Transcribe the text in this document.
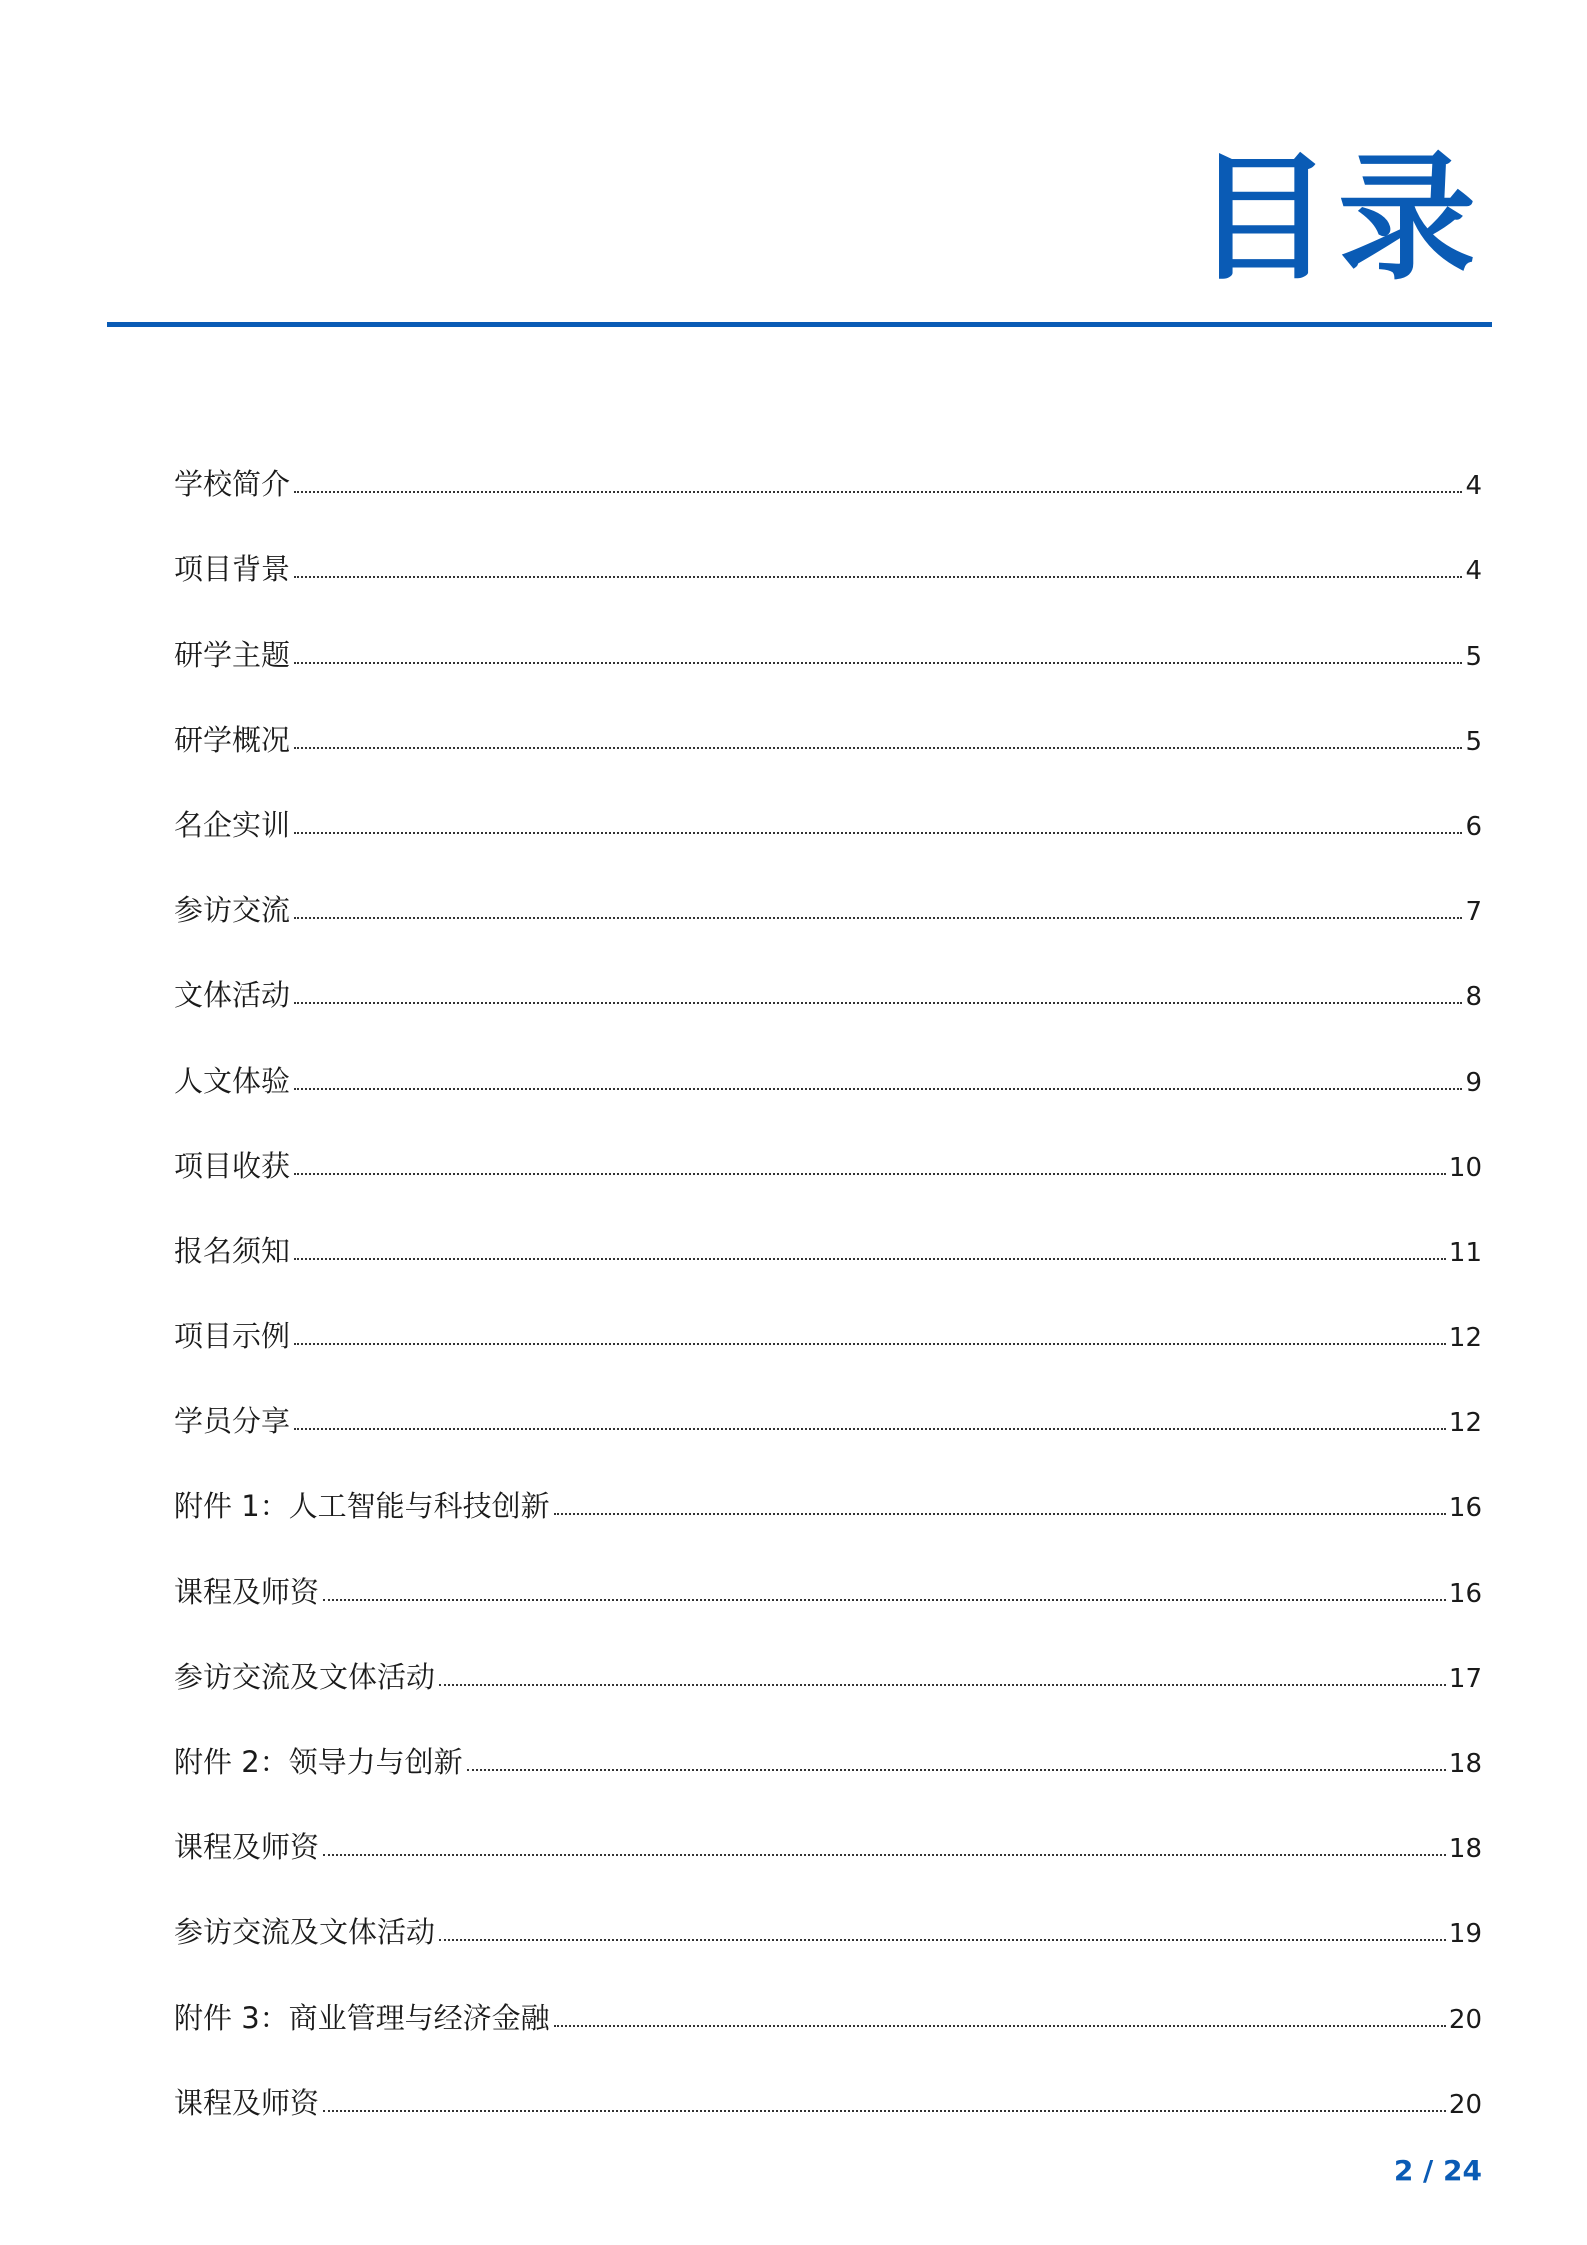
目录
学校简介	4
项目背景	4
研学主题	5
研学概况	5
名企实训	6
参访交流	7
文体活动	8
人文体验	9
项目收获	10
报名须知	11
项目示例	12
学员分享	12
附件 1：人工智能与科技创新	16
课程及师资	16
参访交流及文体活动	17
附件 2：领导力与创新	18
课程及师资	18
参访交流及文体活动	19
附件 3：商业管理与经济金融	20
课程及师资	20
2 / 24
